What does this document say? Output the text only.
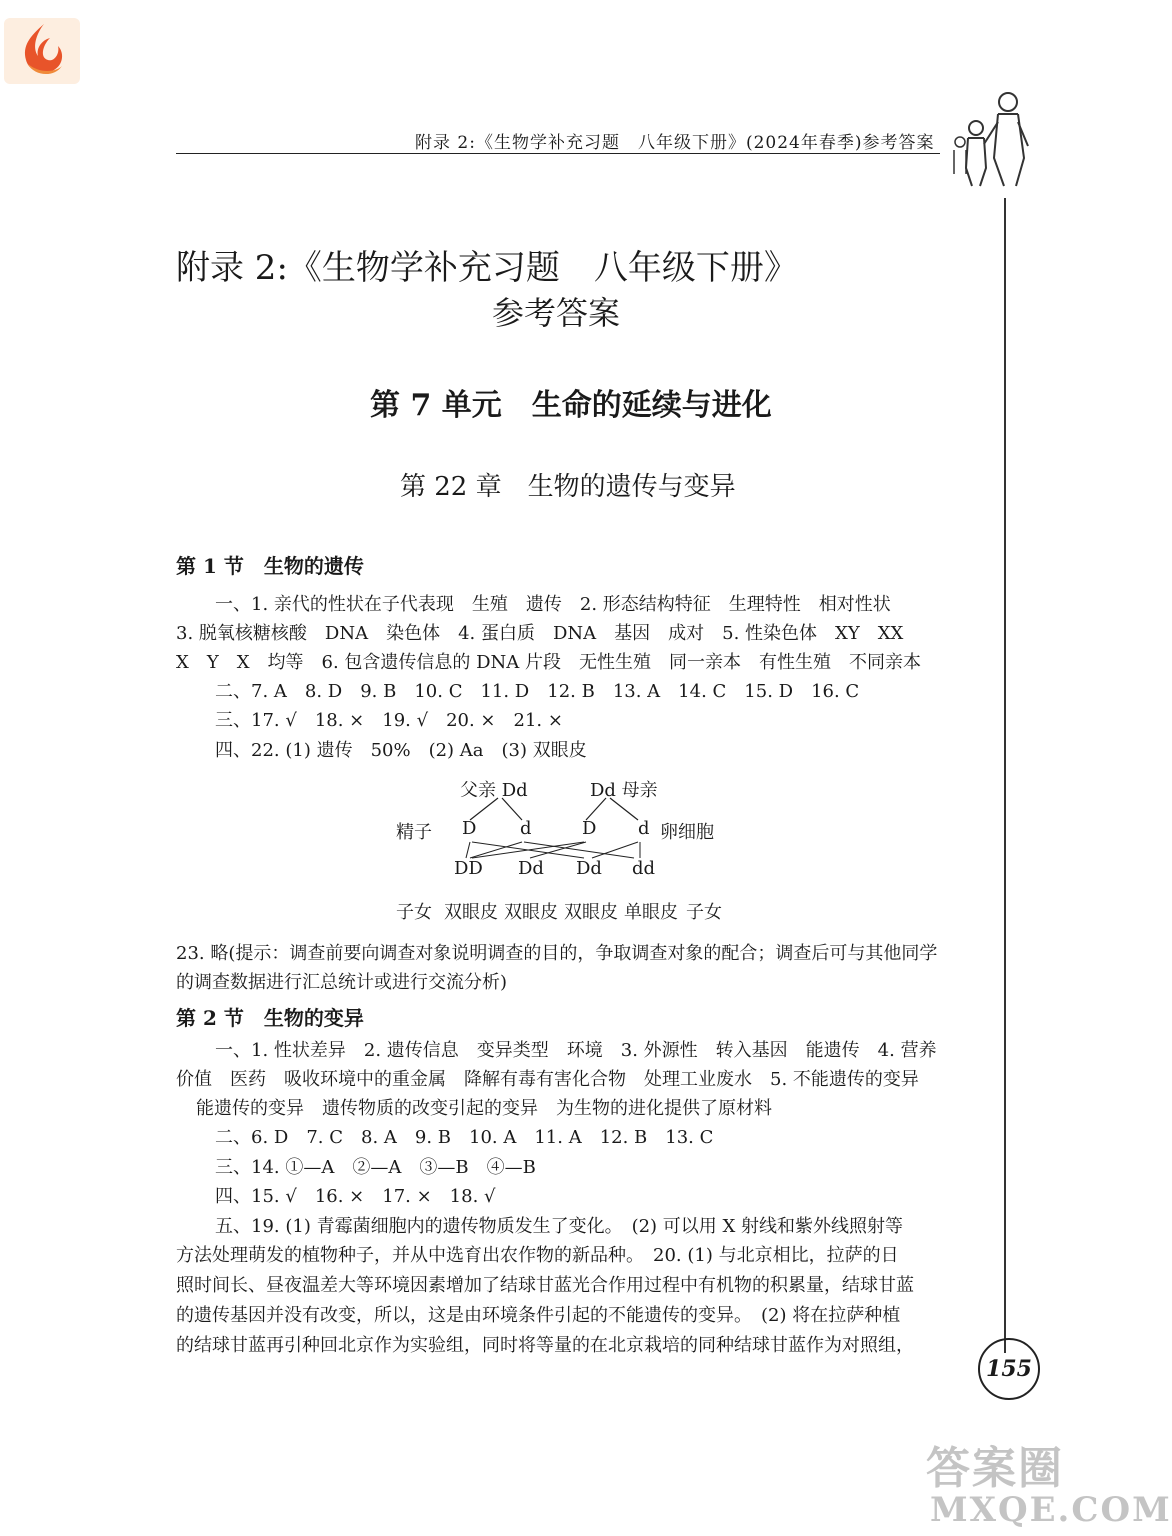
附录 2:《生物学补充习题　八年级下册》(2024年春季)参考答案
附录 2:《生物学补充习题　八年级下册》
参考答案
第 7 单元　生命的延续与进化
第 22 章　生物的遗传与变异
第 1 节　生物的遗传
一、1. 亲代的性状在子代表现　生殖　遗传　2. 形态结构特征　生理特性　相对性状
3. 脱氧核糖核酸　DNA　染色体　4. 蛋白质　DNA　基因　成对　5. 性染色体　XY　XX
X　Y　X　均等　6. 包含遗传信息的 DNA 片段　无性生殖　同一亲本　有性生殖　不同亲本
二、7. A　8. D　9. B　10. C　11. D　12. B　13. A　14. C　15. D　16. C
三、17. √　18. ×　19. √　20. ×　21. ×
四、22. (1) 遗传　50%　(2) Aa　(3) 双眼皮
父亲 Dd	Dd 母亲
精子	卵细胞
D d	D d
DD Dd Dd dd
子女 双眼皮 双眼皮 双眼皮 单眼皮 子女
23. 略(提示：调查前要向调查对象说明调查的目的，争取调查对象的配合；调查后可与其他同学
的调查数据进行汇总统计或进行交流分析)
第 2 节　生物的变异
一、1. 性状差异　2. 遗传信息　变异类型　环境　3. 外源性　转入基因　能遗传　4. 营养
价值　医药　吸收环境中的重金属　降解有毒有害化合物　处理工业废水　5. 不能遗传的变异
能遗传的变异　遗传物质的改变引起的变异　为生物的进化提供了原材料
二、6. D　7. C　8. A　9. B　10. A　11. A　12. B　13. C
三、14. ①—A　②—A　③—B　④—B
四、15. √　16. ×　17. ×　18. √
五、19. (1) 青霉菌细胞内的遗传物质发生了变化。　(2) 可以用 X 射线和紫外线照射等
方法处理萌发的植物种子，并从中选育出农作物的新品种。　20. (1) 与北京相比，拉萨的日
照时间长、昼夜温差大等环境因素增加了结球甘蓝光合作用过程中有机物的积累量，结球甘蓝
的遗传基因并没有改变，所以，这是由环境条件引起的不能遗传的变异。　(2) 将在拉萨种植
的结球甘蓝再引种回北京作为实验组，同时将等量的在北京栽培的同种结球甘蓝作为对照组，
155
答案圈
MXQE.COM
